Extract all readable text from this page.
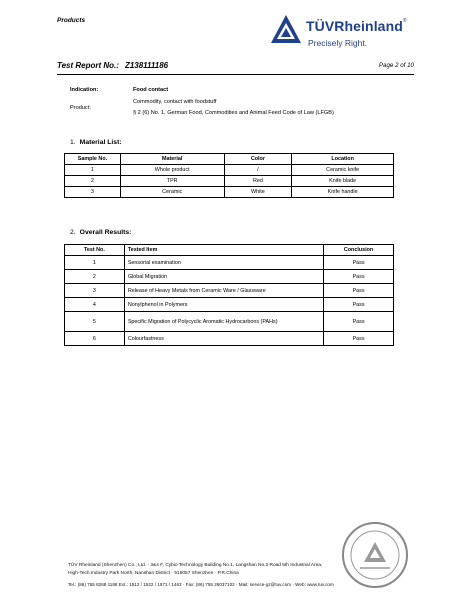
Products	TÜVRheinland®
Precisely Right.
Test Report No.: Z138111186	Page 2 of 10
Indication:	Food contact
Product:
Commodity, contact with foodstuff
§ 2 (6) No. 1, German Food, Commodities and Animal Feed Code of Law (LFGB)
1. Material List:
Sample No.	Material	Color	Location
1	Whole product	/	Ceramic knife
2	TPR	Red	Knife blade
3	Ceramic	White	Knife handle
2. Overall Results:
Test No.	Tested Item	Conclusion
1	Sensorial examination	Pass
2	Global Migration	Pass
3	Release of Heavy Metals from Ceramic Ware / Glassware	Pass
4	Nonylphenol in Polymers	Pass
5	Specific Migration of Polycyclic Aromatic Hydrocarbons (PAHs)	Pass
6	Colourfastness	Pass
TÜV Rheinland (Shenzhen) Co., Ltd. · 3&4 F, Cybio Technology Building No.1, Langshan No.2 Road 5th Industrial Area,
High-Tech Industry Park North, Nanshan District · 518057 Shenzhen · P.R.China
Tel.: (86) 755 8268 1188 Ext.: 1512 / 1522 / 1571 / 1463 · Fax: (86) 755 26037102 · Mail: service-gz@tuv.com · Web: www.tuv.com
